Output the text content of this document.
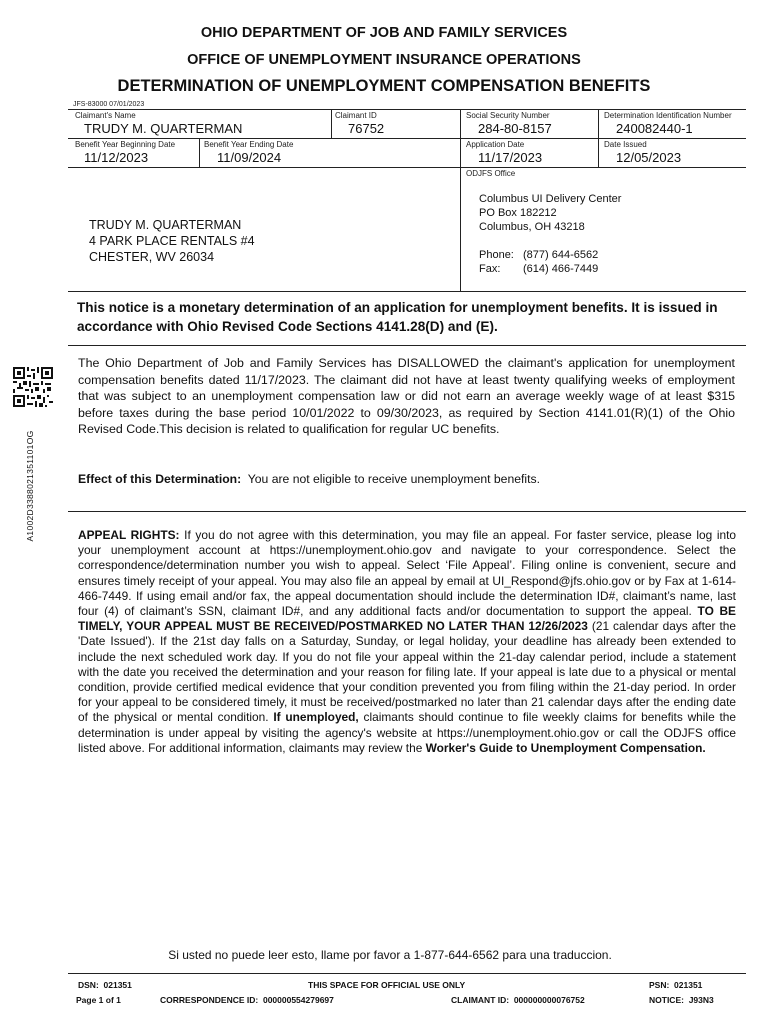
OHIO DEPARTMENT OF JOB AND FAMILY SERVICES
OFFICE OF UNEMPLOYMENT INSURANCE OPERATIONS
DETERMINATION OF UNEMPLOYMENT COMPENSATION BENEFITS
JFS-83000 07/01/2023
Claimant's Name
TRUDY M. QUARTERMAN
Claimant ID
76752
Social Security Number
284-80-8157
Determination Identification Number
240082440-1
Benefit Year Beginning Date
11/12/2023
Benefit Year Ending Date
11/09/2024
Application Date
11/17/2023
Date Issued
12/05/2023
TRUDY M. QUARTERMAN
4 PARK PLACE RENTALS #4
CHESTER, WV 26034
ODJFS Office
Columbus UI Delivery Center
PO Box 182212
Columbus, OH 43218
Phone: (877) 644-6562
Fax: (614) 466-7449
This notice is a monetary determination of an application for unemployment benefits. It is issued in accordance with Ohio Revised Code Sections 4141.28(D) and (E).
The Ohio Department of Job and Family Services has DISALLOWED the claimant's application for unemployment compensation benefits dated 11/17/2023. The claimant did not have at least twenty qualifying weeks of employment that was subject to an unemployment compensation law or did not earn an average weekly wage of at least $315 before taxes during the base period 10/01/2022 to 09/30/2023, as required by Section 4141.01(R)(1) of the Ohio Revised Code.This decision is related to qualification for regular UC benefits.
Effect of this Determination: You are not eligible to receive unemployment benefits.
APPEAL RIGHTS: If you do not agree with this determination, you may file an appeal. For faster service, please log into your unemployment account at https://unemployment.ohio.gov and navigate to your correspondence. Select the correspondence/determination number you wish to appeal. Select ‘File Appeal’. Filing online is convenient, secure and ensures timely receipt of your appeal. You may also file an appeal by email at UI_Respond@jfs.ohio.gov or by Fax at 1-614-466-7449. If using email and/or fax, the appeal documentation should include the determination ID#, claimant’s name, last four (4) of claimant’s SSN, claimant ID#, and any additional facts and/or documentation to support the appeal. TO BE TIMELY, YOUR APPEAL MUST BE RECEIVED/POSTMARKED NO LATER THAN 12/26/2023 (21 calendar days after the 'Date Issued'). If the 21st day falls on a Saturday, Sunday, or legal holiday, your deadline has already been extended to include the next scheduled work day. If you do not file your appeal within the 21-day calendar period, include a statement with the date you received the determination and your reason for filing late. If your appeal is late due to a physical or mental condition, provide certified medical evidence that your condition prevented you from filing within the 21-day period. In order for your appeal to be considered timely, it must be received/postmarked no later than 21 calendar days after the ending date of the physical or mental condition. If unemployed, claimants should continue to file weekly claims for benefits while the determination is under appeal by visiting the agency's website at https://unemployment.ohio.gov or call the ODJFS office listed above. For additional information, claimants may review the Worker's Guide to Unemployment Compensation.
A1002D3388021351101OG
Si usted no puede leer esto, llame por favor a 1-877-644-6562 para una traduccion.
DSN: 021351	THIS SPACE FOR OFFICIAL USE ONLY	PSN: 021351
Page 1 of 1	CORRESPONDENCE ID: 000000554279697	CLAIMANT ID: 000000000076752	NOTICE: J93N3
